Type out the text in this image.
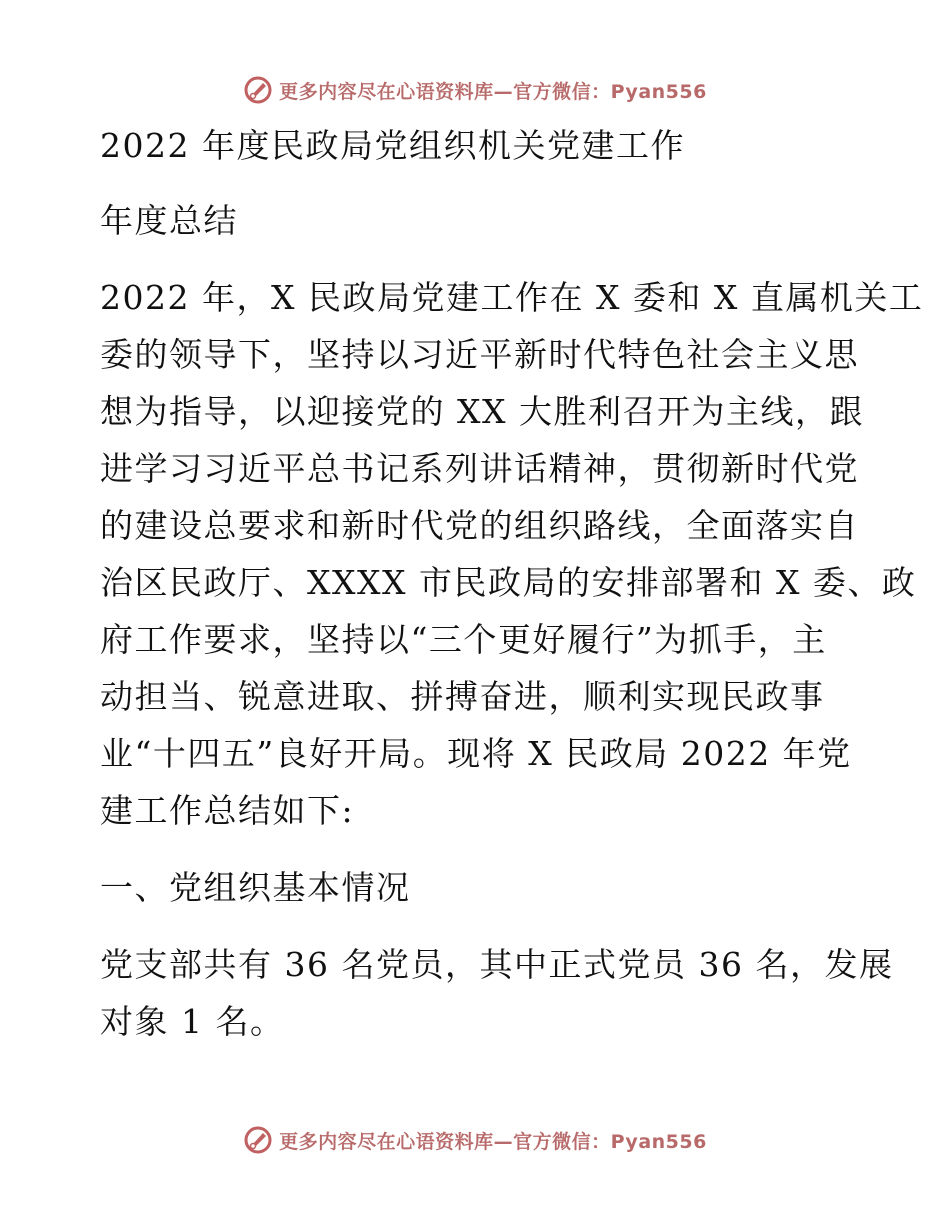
更多内容尽在心语资料库—官方微信：Pyan556
2022 年度民政局党组织机关党建工作
年度总结
2022 年，X 民政局党建工作在 X 委和 X 直属机关工
委的领导下，坚持以习近平新时代特色社会主义思
想为指导，以迎接党的 XX 大胜利召开为主线，跟
进学习习近平总书记系列讲话精神，贯彻新时代党
的建设总要求和新时代党的组织路线，全面落实自
治区民政厅、XXXX 市民政局的安排部署和 X 委、政
府工作要求，坚持以“三个更好履行”为抓手，主
动担当、锐意进取、拼搏奋进，顺利实现民政事
业“十四五”良好开局。现将 X 民政局 2022 年党
建工作总结如下:
一、党组织基本情况
党支部共有 36 名党员，其中正式党员 36 名，发展
对象 1 名。
更多内容尽在心语资料库—官方微信：Pyan556
